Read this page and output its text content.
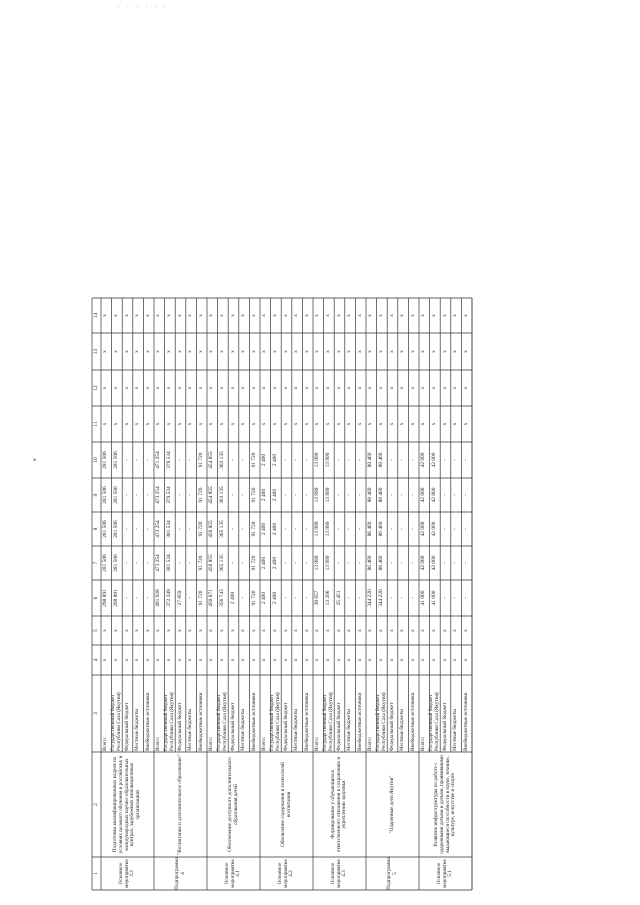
. . . . . .
*
1
2
3
4
5
6
7
8
9
10
11
12
13
14
Основное мероприятие 3.3
Подготовка квалифицированных кадров на условиях целевого обучения в российских и международных научно-образовательных центрах, зарубежных инновационных организациях
Всего:
x
x
298 891
281 506
281 506
281 506
281 506
x
x
x
x
Государственный бюджет Республики Саха (Якутия)
x
x
298 891
281 506
281 506
281 506
281 506
x
x
x
x
Федеральный бюджет
x
x
-
-
-
-
-
x
x
x
x
Местные бюджеты
x
x
-
-
-
-
-
x
x
x
x
Внебюджетные источники
x
x
-
-
-
-
-
x
x
x
x
Подпрограмма 4
"Воспитание и дополнительное образование"
Всего:
x
x
491 928
473 254
473 254
473 254
471 254
x
x
x
x
Государственный бюджет Республики Саха (Якутия)
x
x
372 349
381 534
381 534
379 534
379 534
x
x
x
x
Федеральный бюджет
x
x
27 859
-
-
-
-
x
x
x
x
Местные бюджеты
x
x
-
-
-
-
-
x
x
x
x
Внебюджетные источники
x
x
91 720
91 720
91 720
91 720
91 720
x
x
x
x
Основное мероприятие 4.1
Обеспечение доступного дополнительного образования детей
Всего:
x
x
450 871
456 855
456 855
454 855
454 855
x
x
x
x
Государственный бюджет Республики Саха (Якутия)
x
x
356 743
365 135
365 135
363 135
363 135
x
x
x
x
Федеральный бюджет
x
x
2 408
-
-
-
-
x
x
x
x
Местные бюджеты
x
x
-
-
-
-
-
x
x
x
x
Внебюджетные источники
x
x
91 720
91 720
91 720
91 720
91 720
x
x
x
x
Основное мероприятие 4.2
Обновление содержания и технологий воспитания
Всего:
x
x
2 400
2 400
2 400
2 400
2 400
x
x
x
x
Государственный бюджет Республики Саха (Якутия)
x
x
2 400
2 400
2 400
2 400
2 400
x
x
x
x
Федеральный бюджет
x
x
-
-
-
-
-
x
x
x
x
Местные бюджеты
x
x
-
-
-
-
-
x
x
x
x
Внебюджетные источники
x
x
-
-
-
-
-
x
x
x
x
Основное мероприятие 4.3
Формирование у обучающихся ответственного отношения к сохранению и укреплению здоровья
Всего:
x
x
38 657
13 999
13 999
13 999
13 999
x
x
x
x
Государственный бюджет Республики Саха (Якутия)
x
x
13 206
13 999
13 999
13 999
13 999
x
x
x
x
Федеральный бюджет
x
x
25 451
-
-
-
-
x
x
x
x
Местные бюджеты
x
x
-
-
-
-
-
x
x
x
x
Внебюджетные источники
x
x
-
-
-
-
-
x
x
x
x
Подпрограмма 5
"Одаренные дети Якутии"
Всего:
x
x
344 220
86 460
86 460
88 460
88 460
x
x
x
x
Государственный бюджет Республики Саха (Якутия)
x
x
344 220
86 460
86 460
88 460
88 460
x
x
x
x
Федеральный бюджет
x
x
-
-
-
-
-
x
x
x
x
Местные бюджеты
x
x
-
-
-
-
-
x
x
x
x
Внебюджетные источники
x
x
-
-
-
-
-
x
x
x
x
Основное мероприятие 5.1
Развитие инфраструктуры по работе с одаренными детьми и детьми, проявившими выдающиеся способности в науке, технике, культуре, искусстве и спорте
Всего:
x
x
41 000
42 000
42 000
42 000
42 000
x
x
x
x
Государственный бюджет Республики Саха (Якутия)
x
x
41 000
42 000
42 000
42 800
42 000
x
x
x
x
Федеральный бюджет
x
x
-
-
-
-
-
x
x
x
x
Местные бюджеты
x
x
-
-
-
-
-
x
x
x
x
Внебюджетные источники
x
x
-
-
-
-
-
x
x
x
x
